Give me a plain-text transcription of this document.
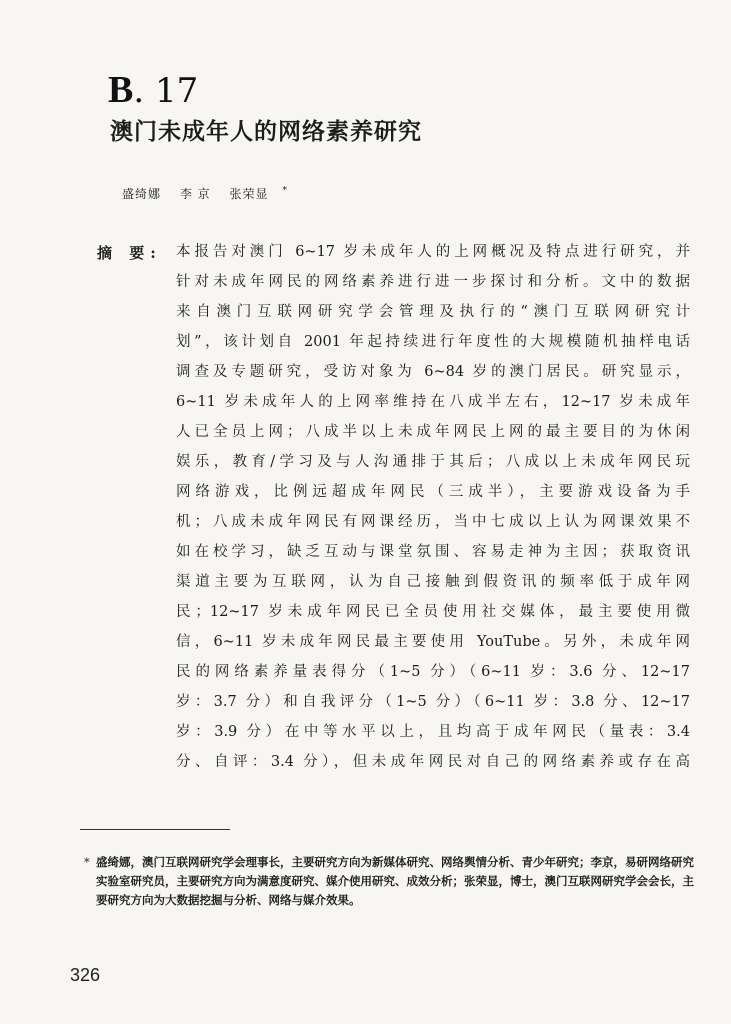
B. 17
澳门未成年人的网络素养研究
盛绮娜 李 京 张荣显 *
摘 要: 本报告对澳门 6~17 岁未成年人的上网概况及特点进行研究，并
针对未成年网民的网络素养进行进一步探讨和分析。文中的数据
来自澳门互联网研究学会管理及执行的“澳门互联网研究计
划”，该计划自 2001 年起持续进行年度性的大规模随机抽样电话
调查及专题研究，受访对象为 6~84 岁的澳门居民。研究显示，
6~11 岁未成年人的上网率维持在八成半左右，12~17 岁未成年
人已全员上网；八成半以上未成年网民上网的最主要目的为休闲
娱乐，教育/学习及与人沟通排于其后；八成以上未成年网民玩
网络游戏，比例远超成年网民（三成半），主要游戏设备为手
机；八成未成年网民有网课经历，当中七成以上认为网课效果不
如在校学习，缺乏互动与课堂氛围、容易走神为主因；获取资讯
渠道主要为互联网，认为自己接触到假资讯的频率低于成年网
民；12~17 岁未成年网民已全员使用社交媒体，最主要使用微
信，6~11 岁未成年网民最主要使用 YouTube。另外，未成年网
民的网络素养量表得分（1~5 分）（6~11 岁：3.6 分、12~17
岁：3.7 分）和自我评分（1~5 分）（6~11 岁：3.8 分、12~17
岁：3.9 分）在中等水平以上，且均高于成年网民（量表：3.4
分、自评：3.4 分），但未成年网民对自己的网络素养或存在高
* 盛绮娜，澳门互联网研究学会理事长，主要研究方向为新媒体研究、网络舆情分析、青少年研究；李京，易研网络研究实验室研究员，主要研究方向为满意度研究、媒介使用研究、成效分析；张荣显，博士，澳门互联网研究学会会长，主要研究方向为大数据挖掘与分析、网络与媒介效果。
326
